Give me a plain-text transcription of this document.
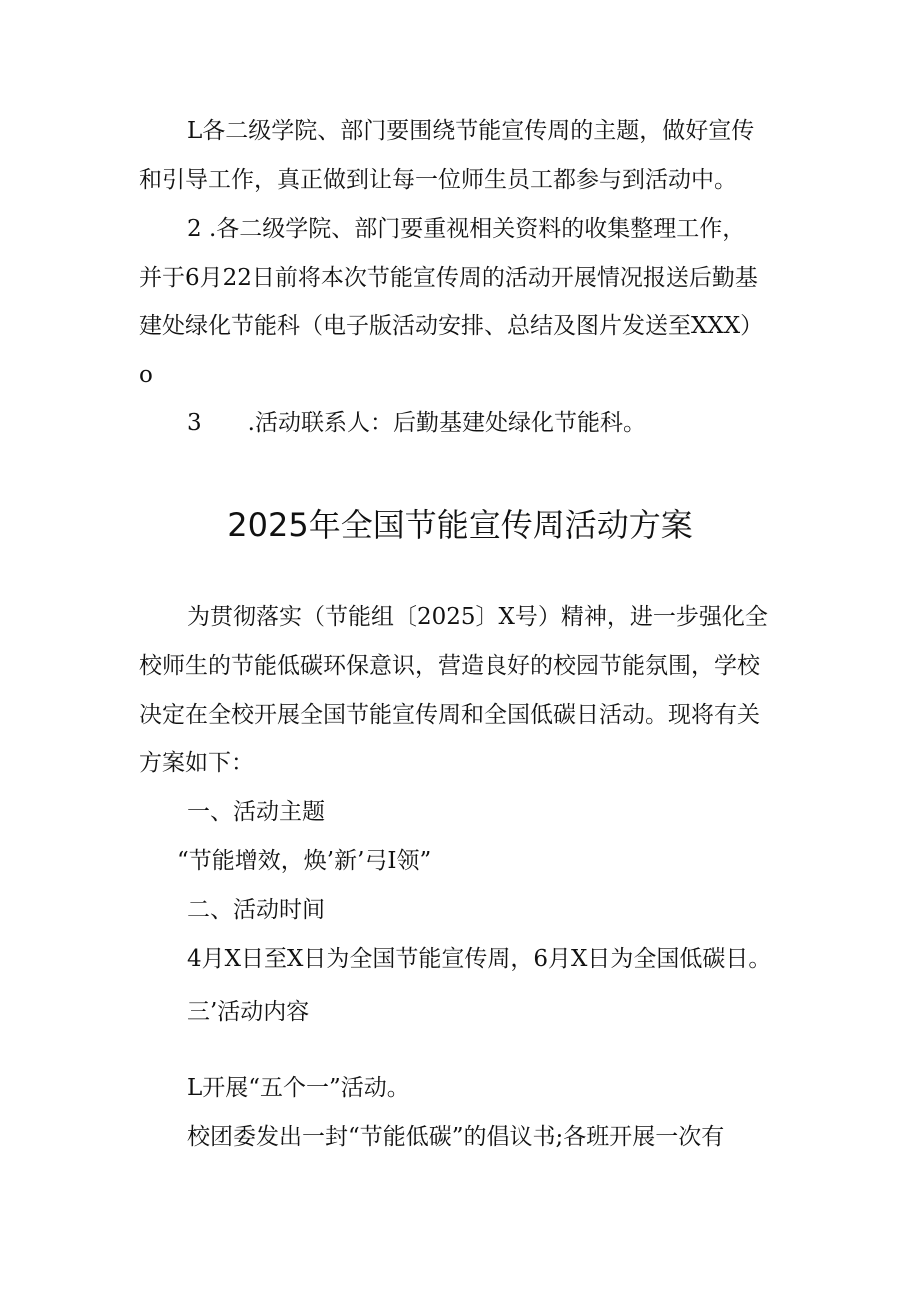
L各二级学院、部门要围绕节能宣传周的主题，做好宣传

和引导工作，真正做到让每一位师生员工都参与到活动中。

2 .各二级学院、部门要重视相关资料的收集整理工作，

并于6月22日前将本次节能宣传周的活动开展情况报送后勤基

建处绿化节能科（电子版活动安排、总结及图片发送至XXX）

o

3　　.活动联系人：后勤基建处绿化节能科。

2025年全国节能宣传周活动方案

为贯彻落实（节能组〔2025〕X号）精神，进一步强化全

校师生的节能低碳环保意识，营造良好的校园节能氛围，学校

决定在全校开展全国节能宣传周和全国低碳日活动。现将有关

方案如下：

一、活动主题

“节能增效，焕’新’弓I领”

二、活动时间

4月X日至X日为全国节能宣传周，6月X日为全国低碳日。

三’活动内容

L开展“五个一”活动。

校团委发出一封“节能低碳”的倡议书;各班开展一次有
